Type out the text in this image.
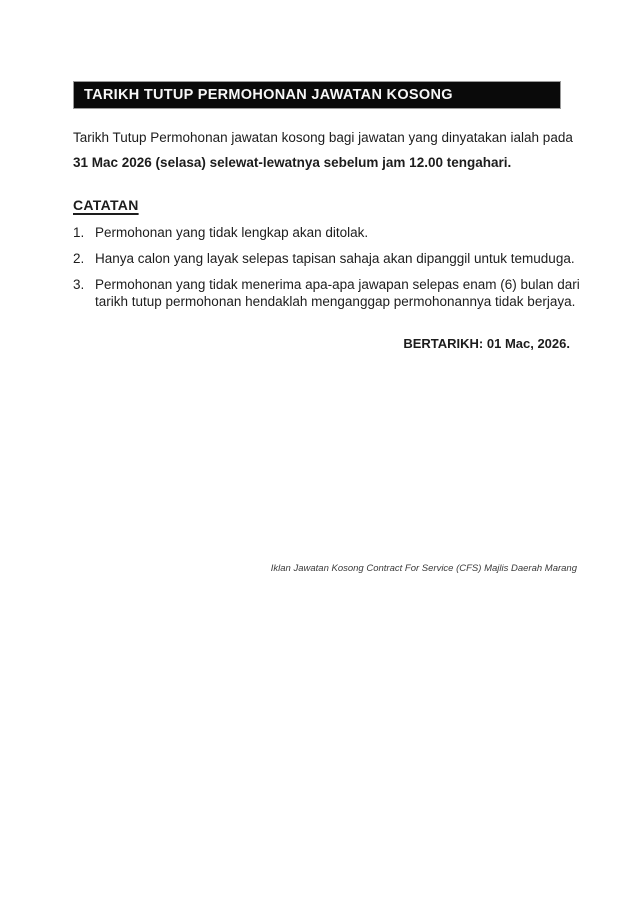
TARIKH TUTUP PERMOHONAN JAWATAN KOSONG
Tarikh Tutup Permohonan jawatan kosong bagi jawatan yang dinyatakan ialah pada
31 Mac 2026 (selasa) selewat-lewatnya sebelum jam 12.00 tengahari.
CATATAN
1. Permohonan yang tidak lengkap akan ditolak.
2. Hanya calon yang layak selepas tapisan sahaja akan dipanggil untuk temuduga.
3. Permohonan yang tidak menerima apa-apa jawapan selepas enam (6) bulan dari
tarikh tutup permohonan hendaklah menganggap permohonannya tidak berjaya.
BERTARIKH: 01 Mac, 2026.
Iklan Jawatan Kosong Contract For Service (CFS) Majlis Daerah Marang
